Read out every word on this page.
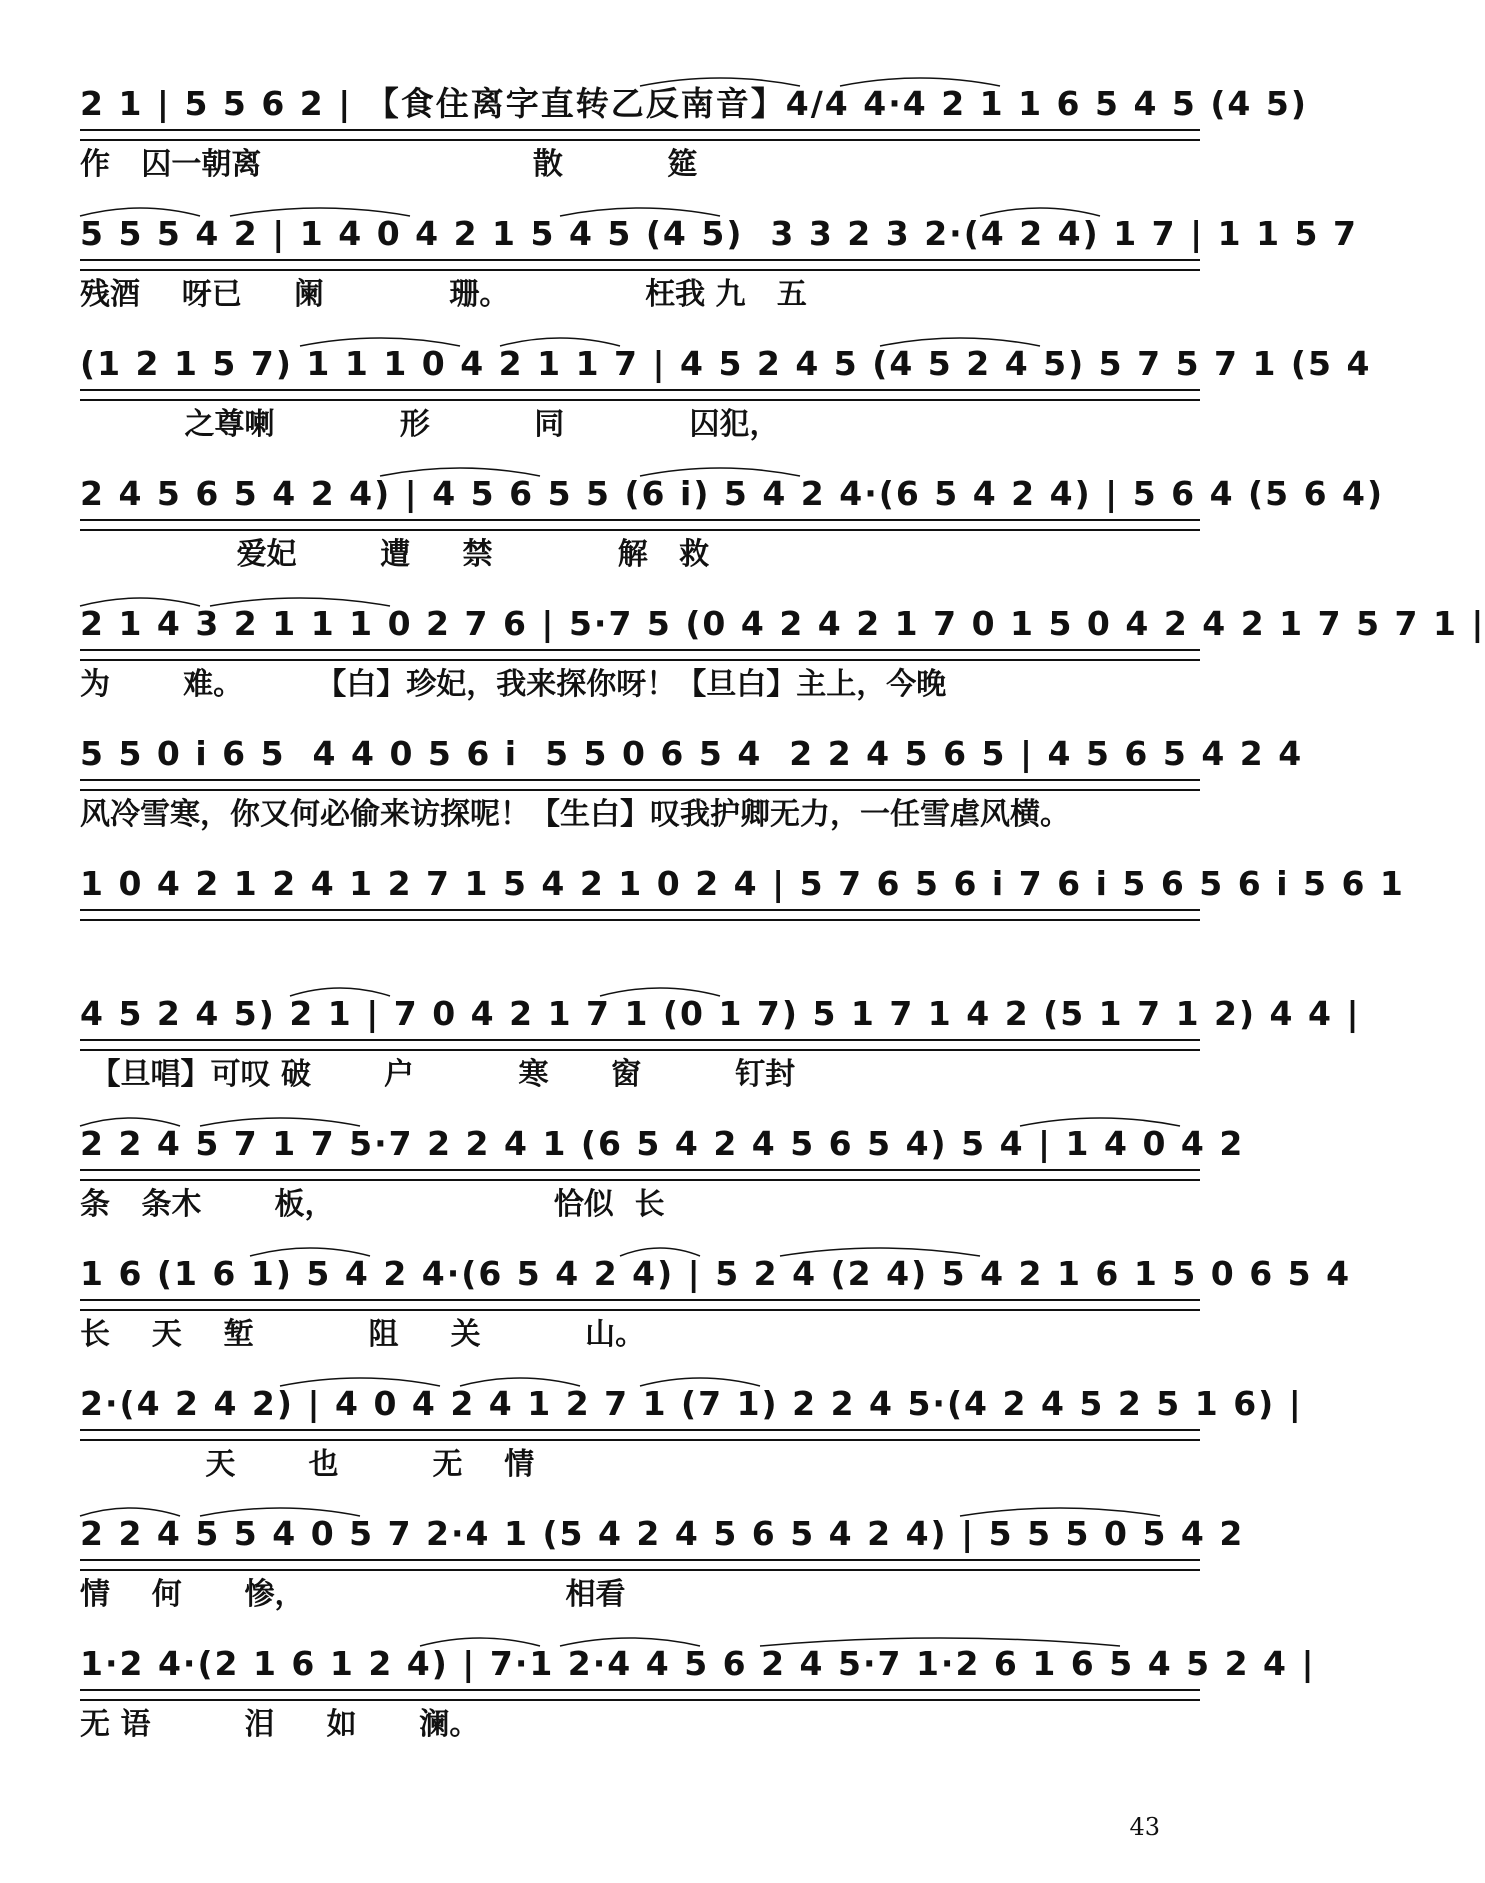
2 1 | 5 5 6 2 | 【食住离字直转乙反南音】4/4 4·4 2 1 1 6 5 4 5 (4 5)
作   囚一朝离                          散          筵
5 5 5 4 2 | 1 4 0 4 2 1 5 4 5 (4 5)  3 3 2 3 2·(4 2 4) 1 7 | 1 1 5 7
残酒    呀已     阑            珊。             枉我 九   五
(1 2 1 5 7) 1 1 1 0 4 2 1 1 7 | 4 5 2 4 5 (4 5 2 4 5) 5 7 5 7 1 (5 4
之尊喇            形          同            囚犯，
2 4 5 6 5 4 2 4) | 4 5 6 5 5 (6 i) 5 4 2 4·(6 5 4 2 4) | 5 6 4 (5 6 4)
爱妃        遭     禁            解   救
2 1 4 3 2 1 1 1 0 2 7 6 | 5·7 5 (0 4 2 4 2 1 7 0 1 5 0 4 2 4 2 1 7 5 7 1 |
为       难。       【白】珍妃，我来探你呀！【旦白】主上，今晚
5 5 0 i 6 5  4 4 0 5 6 i  5 5 0 6 5 4  2 2 4 5 6 5 | 4 5 6 5 4 2 4
风冷雪寒，你又何必偷来访探呢！【生白】叹我护卿无力，一任雪虐风横。
1 0 4 2 1 2 4 1 2 7 1 5 4 2 1 0 2 4 | 5 7 6 5 6 i 7 6 i 5 6 5 6 i 5 6 1
4 5 2 4 5) 2 1 | 7 0 4 2 1 7 1 (0 1 7) 5 1 7 1 4 2 (5 1 7 1 2) 4 4 |
【旦唱】可叹 破       户          寒      窗         钉封
2 2 4 5 7 1 7 5·7 2 2 4 1 (6 5 4 2 4 5 6 5 4) 5 4 | 1 4 0 4 2
条   条木       板，                     恰似  长
1 6 (1 6 1) 5 4 2 4·(6 5 4 2 4) | 5 2 4 (2 4) 5 4 2 1 6 1 5 0 6 5 4
长    天    堑           阻     关          山。
2·(4 2 4 2) | 4 0 4 2 4 1 2 7 1 (7 1) 2 2 4 5·(4 2 4 5 2 5 1 6) |
天       也         无    情
2 2 4 5 5 4 0 5 7 2·4 1 (5 4 2 4 5 6 5 4 2 4) | 5 5 5 0 5 4 2
情    何      惨，                         相看
1·2 4·(2 1 6 1 2 4) | 7·1 2·4 4 5 6 2 4 5·7 1·2 6 1 6 5 4 5 2 4 |
无 语         泪     如      澜。
43
